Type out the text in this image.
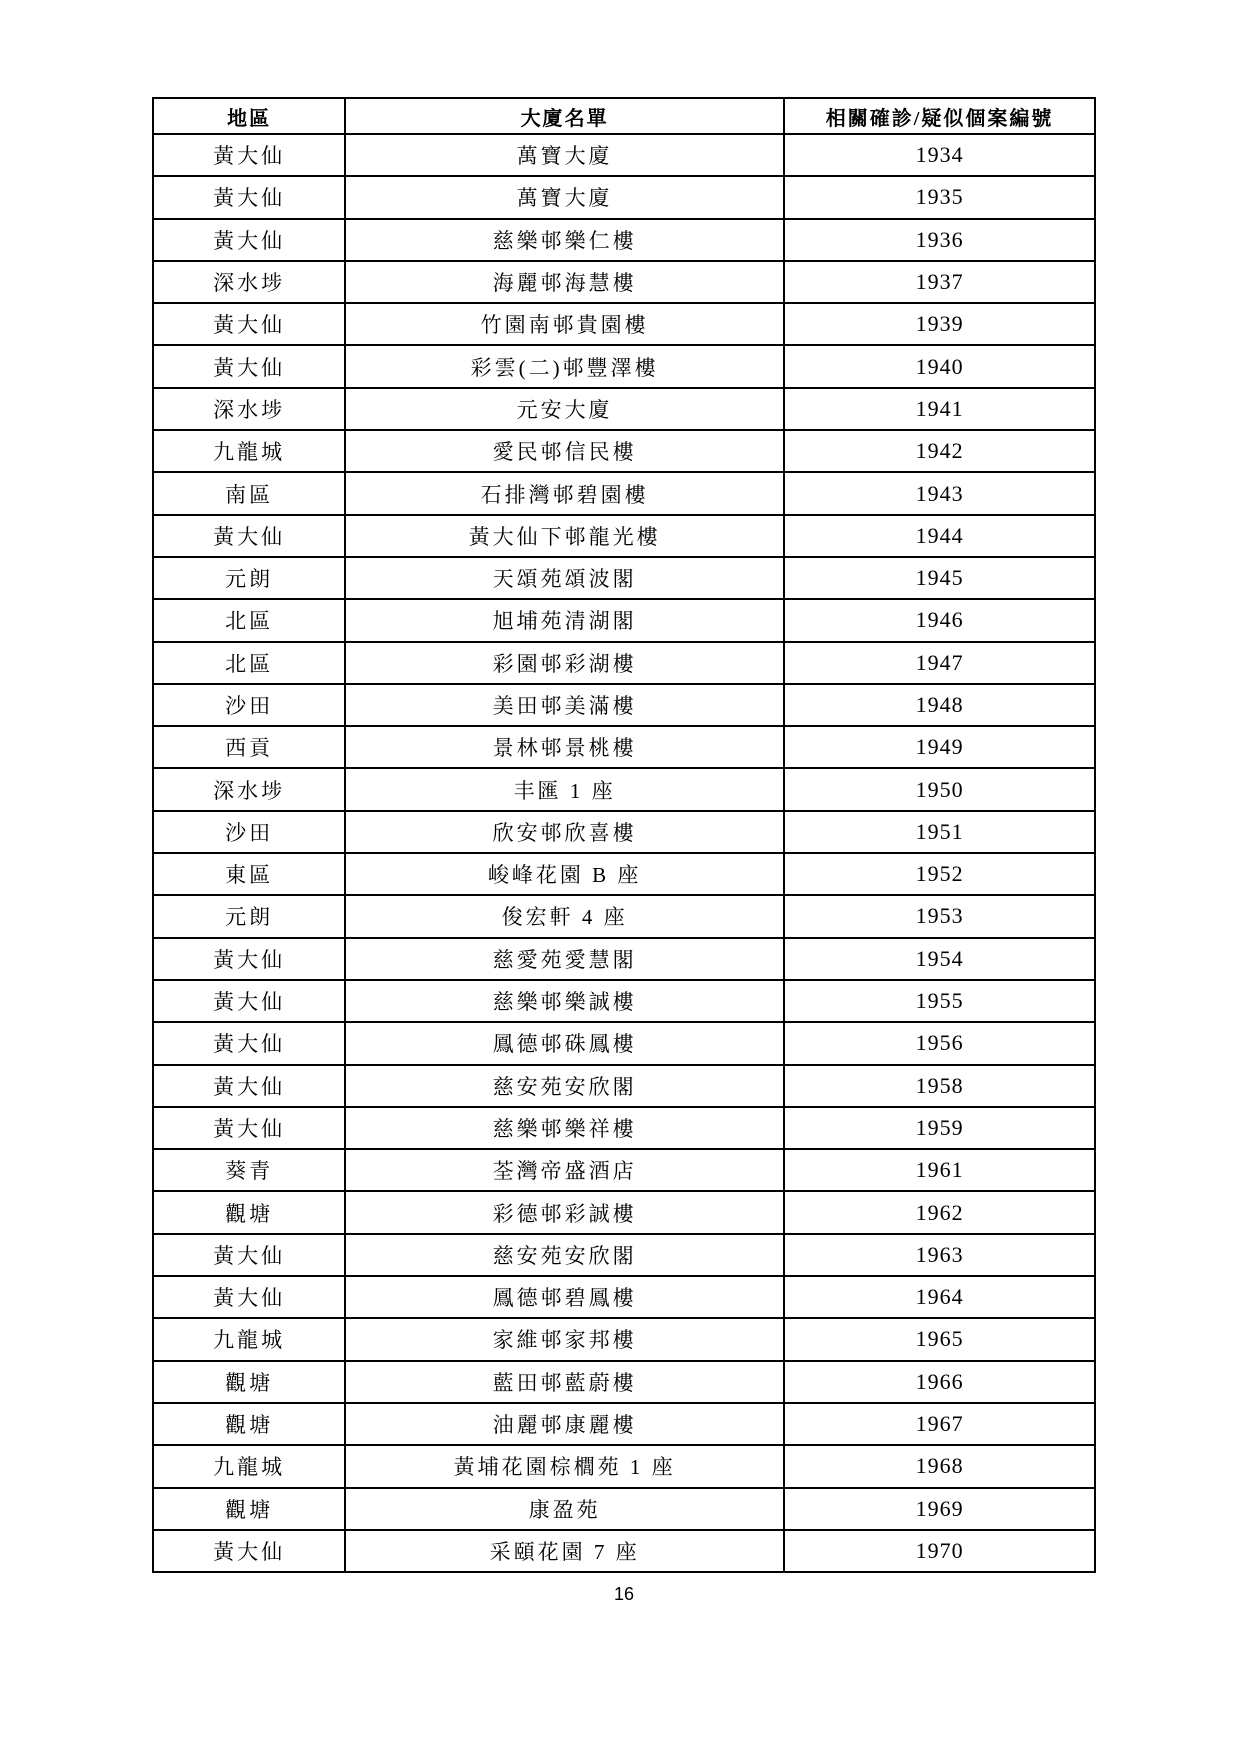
地區	大廈名單	相關確診/疑似個案編號
黃大仙	萬寶大廈	1934
黃大仙	萬寶大廈	1935
黃大仙	慈樂邨樂仁樓	1936
深水埗	海麗邨海慧樓	1937
黃大仙	竹園南邨貴園樓	1939
黃大仙	彩雲(二)邨豐澤樓	1940
深水埗	元安大廈	1941
九龍城	愛民邨信民樓	1942
南區	石排灣邨碧園樓	1943
黃大仙	黃大仙下邨龍光樓	1944
元朗	天頌苑頌波閣	1945
北區	旭埔苑清湖閣	1946
北區	彩園邨彩湖樓	1947
沙田	美田邨美滿樓	1948
西貢	景林邨景桃樓	1949
深水埗	丰匯 1 座	1950
沙田	欣安邨欣喜樓	1951
東區	峻峰花園 B 座	1952
元朗	俊宏軒 4 座	1953
黃大仙	慈愛苑愛慧閣	1954
黃大仙	慈樂邨樂誠樓	1955
黃大仙	鳳德邨硃鳳樓	1956
黃大仙	慈安苑安欣閣	1958
黃大仙	慈樂邨樂祥樓	1959
葵青	荃灣帝盛酒店	1961
觀塘	彩德邨彩誠樓	1962
黃大仙	慈安苑安欣閣	1963
黃大仙	鳳德邨碧鳳樓	1964
九龍城	家維邨家邦樓	1965
觀塘	藍田邨藍蔚樓	1966
觀塘	油麗邨康麗樓	1967
九龍城	黃埔花園棕櫚苑 1 座	1968
觀塘	康盈苑	1969
黃大仙	采頤花園 7 座	1970
16
